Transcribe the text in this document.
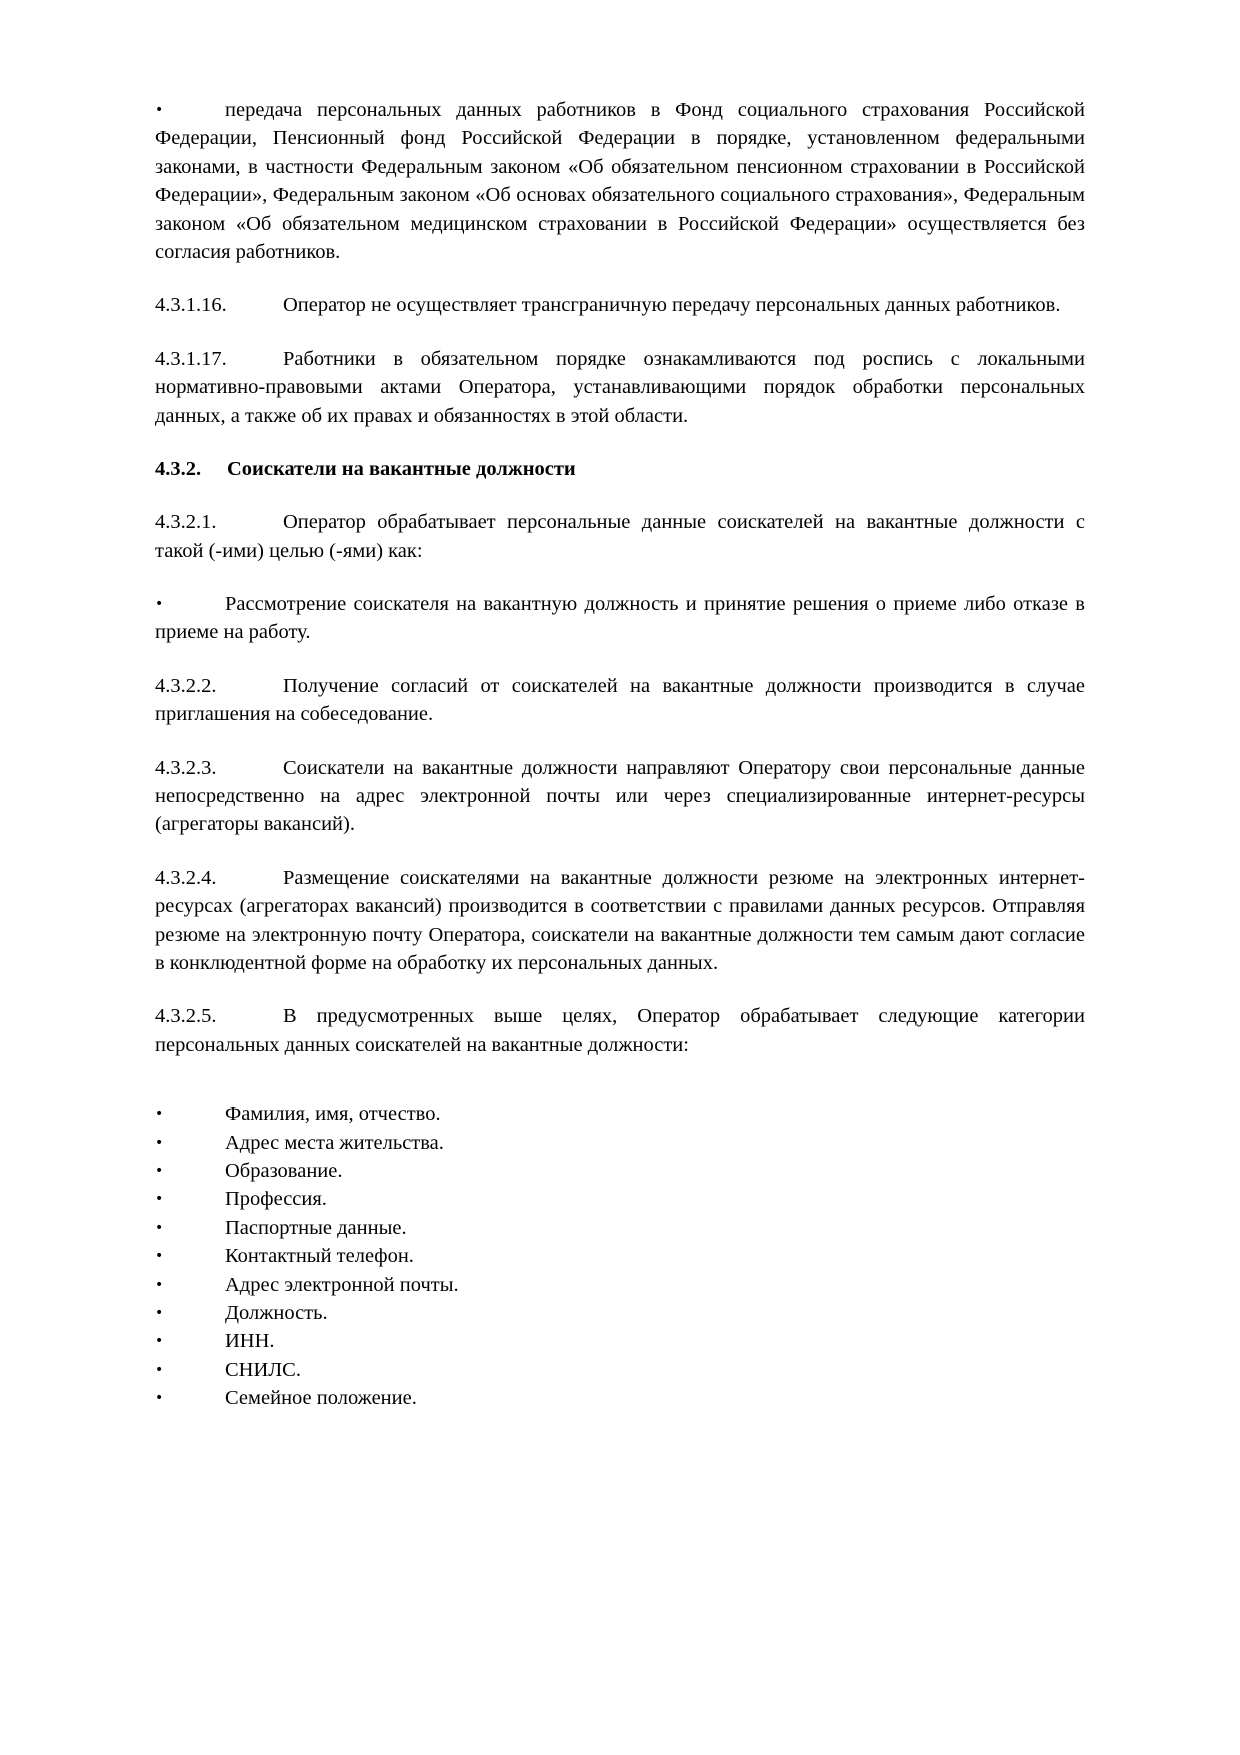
•	передача персональных данных работников в Фонд социального страхования Российской Федерации, Пенсионный фонд Российской Федерации в порядке, установленном федеральными законами, в частности Федеральным законом «Об обязательном пенсионном страховании в Российской Федерации», Федеральным законом «Об основах обязательного социального страхования», Федеральным законом «Об обязательном медицинском страховании в Российской Федерации» осуществляется без согласия работников.

4.3.1.16.	Оператор не осуществляет трансграничную передачу персональных данных работников.

4.3.1.17.	Работники в обязательном порядке ознакамливаются под роспись с локальными нормативно-правовыми актами Оператора, устанавливающими порядок обработки персональных данных, а также об их правах и обязанностях в этой области.

4.3.2. Соискатели на вакантные должности

4.3.2.1.	Оператор обрабатывает персональные данные соискателей на вакантные должности с такой (-ими) целью (-ями) как:

•	Рассмотрение соискателя на вакантную должность и принятие решения о приеме либо отказе в приеме на работу.

4.3.2.2.	Получение согласий от соискателей на вакантные должности производится в случае приглашения на собеседование.

4.3.2.3.	Соискатели на вакантные должности направляют Оператору свои персональные данные непосредственно на адрес электронной почты или через специализированные интернет-ресурсы (агрегаторы вакансий).

4.3.2.4.	Размещение соискателями на вакантные должности резюме на электронных интернет-ресурсах (агрегаторах вакансий) производится в соответствии с правилами данных ресурсов. Отправляя резюме на электронную почту Оператора, соискатели на вакантные должности тем самым дают согласие в конклюдентной форме на обработку их персональных данных.

4.3.2.5.	В предусмотренных выше целях, Оператор обрабатывает следующие категории персональных данных соискателей на вакантные должности:

•	Фамилия, имя, отчество.
•	Адрес места жительства.
•	Образование.
•	Профессия.
•	Паспортные данные.
•	Контактный телефон.
•	Адрес электронной почты.
•	Должность.
•	ИНН.
•	СНИЛС.
•	Семейное положение.
